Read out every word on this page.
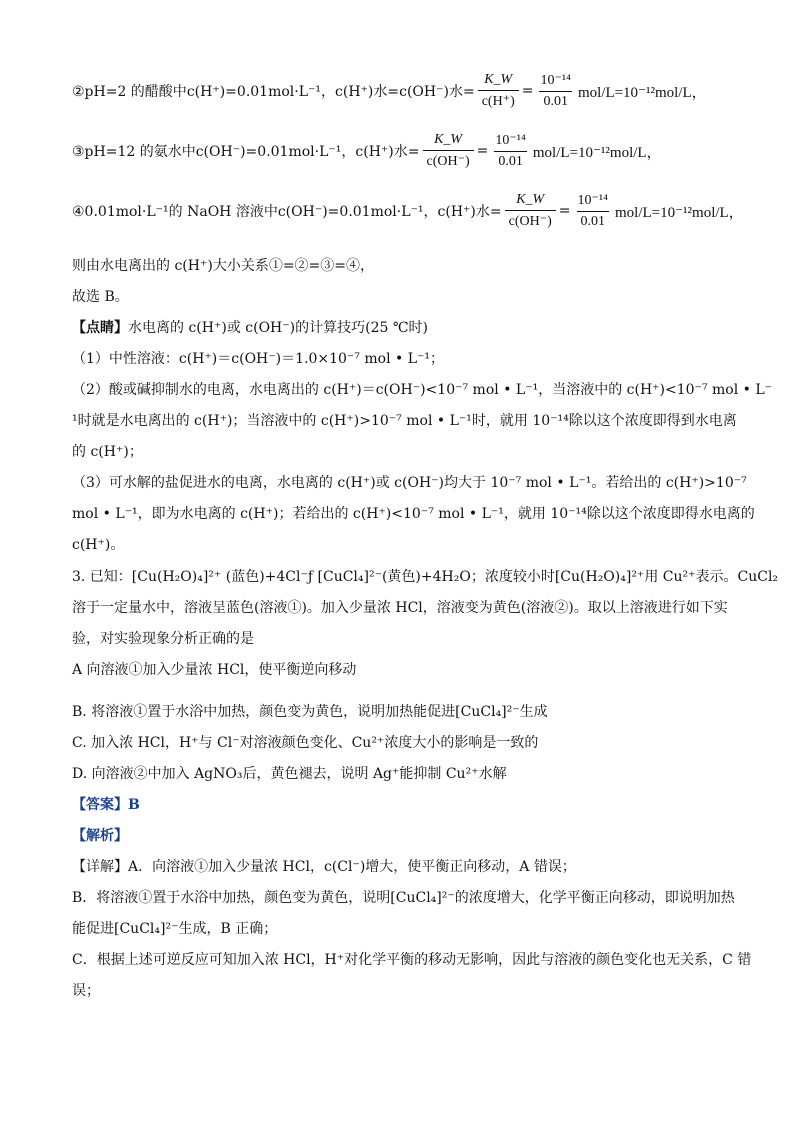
②pH=2 的醋酸中 c(H⁺)=0.01mol·L⁻¹， c(H⁺)水=c(OH⁻)水= $\frac{K\_W}{c(H^+)} = \frac{\text{10⁻¹⁴}}{0.01} mol/L=10^{-12}mol/L$，
③pH=12 的氨水中 c(OH⁻)=0.01mol·L⁻¹， c(H⁺)水= $\frac{K\_W}{c(OH^-)} = \frac{\text{10⁻¹⁴}}{0.01} mol/L=10^{-12}mol/L$，
④0.01mol·L⁻¹的 NaOH 溶液中 c(OH⁻)=0.01mol·L⁻¹， c(H⁺)水= $\frac{K\_W}{c(OH^-)} = \frac{\text{10⁻¹⁴}}{0.01} mol/L=10^{-12}mol/L$，
则由水电离出的 c(H⁺)大小关系①=②=③=④，
故选 B。
【点睛】水电离的 c(H⁺)或 c(OH⁻)的计算技巧(25 ℃时)
（1）中性溶液：c(H⁺)＝c(OH⁻)＝1.0×10⁻⁷ mol • L⁻¹；
（2）酸或碱抑制水的电离，水电离出的 c(H⁺)＝c(OH⁻)<10⁻⁷ mol • L⁻¹，当溶液中的 c(H⁺)<10⁻⁷ mol • L⁻
¹时就是水电离出的 c(H⁺)；当溶液中的 c(H⁺)>10⁻⁷ mol • L⁻¹时，就用 10⁻¹⁴除以这个浓度即得到水电离
的 c(H⁺)；
（3）可水解的盐促进水的电离，水电离的 c(H⁺)或 c(OH⁻)均大于 10⁻⁷ mol • L⁻¹。若给出的 c(H⁺)>10⁻⁷
mol • L⁻¹，即为水电离的 c(H⁺)；若给出的 c(H⁺)<10⁻⁷ mol • L⁻¹，就用 10⁻¹⁴除以这个浓度即得水电离的
c(H⁺)。
3. 已知：[Cu(H₂O)₄]²⁺ (蓝色)+4Cl⁻ƒ [CuCl₄]²⁻(黄色)+4H₂O；浓度较小时[Cu(H₂O)₄]²⁺用 Cu²⁺表示。CuCl₂
溶于一定量水中，溶液呈蓝色(溶液①)。加入少量浓 HCl，溶液变为黄色(溶液②)。取以上溶液进行如下实
验，对实验现象分析正确的是
A 向溶液①加入少量浓 HCl，使平衡逆向移动
B. 将溶液①置于水浴中加热，颜色变为黄色，说明加热能促进[CuCl₄]²⁻生成
C. 加入浓 HCl，H⁺与 Cl⁻对溶液颜色变化、Cu²⁺浓度大小的影响是一致的
D. 向溶液②中加入 AgNO₃后，黄色褪去，说明 Ag⁺能抑制 Cu²⁺水解
【答案】B
【解析】
【详解】A．向溶液①加入少量浓 HCl，c(Cl⁻)增大，使平衡正向移动，A 错误；
B．将溶液①置于水浴中加热，颜色变为黄色，说明[CuCl₄]²⁻的浓度增大，化学平衡正向移动，即说明加热
能促进[CuCl₄]²⁻生成，B 正确；
C．根据上述可逆反应可知加入浓 HCl，H⁺对化学平衡的移动无影响，因此与溶液的颜色变化也无关系，C 错
误；
